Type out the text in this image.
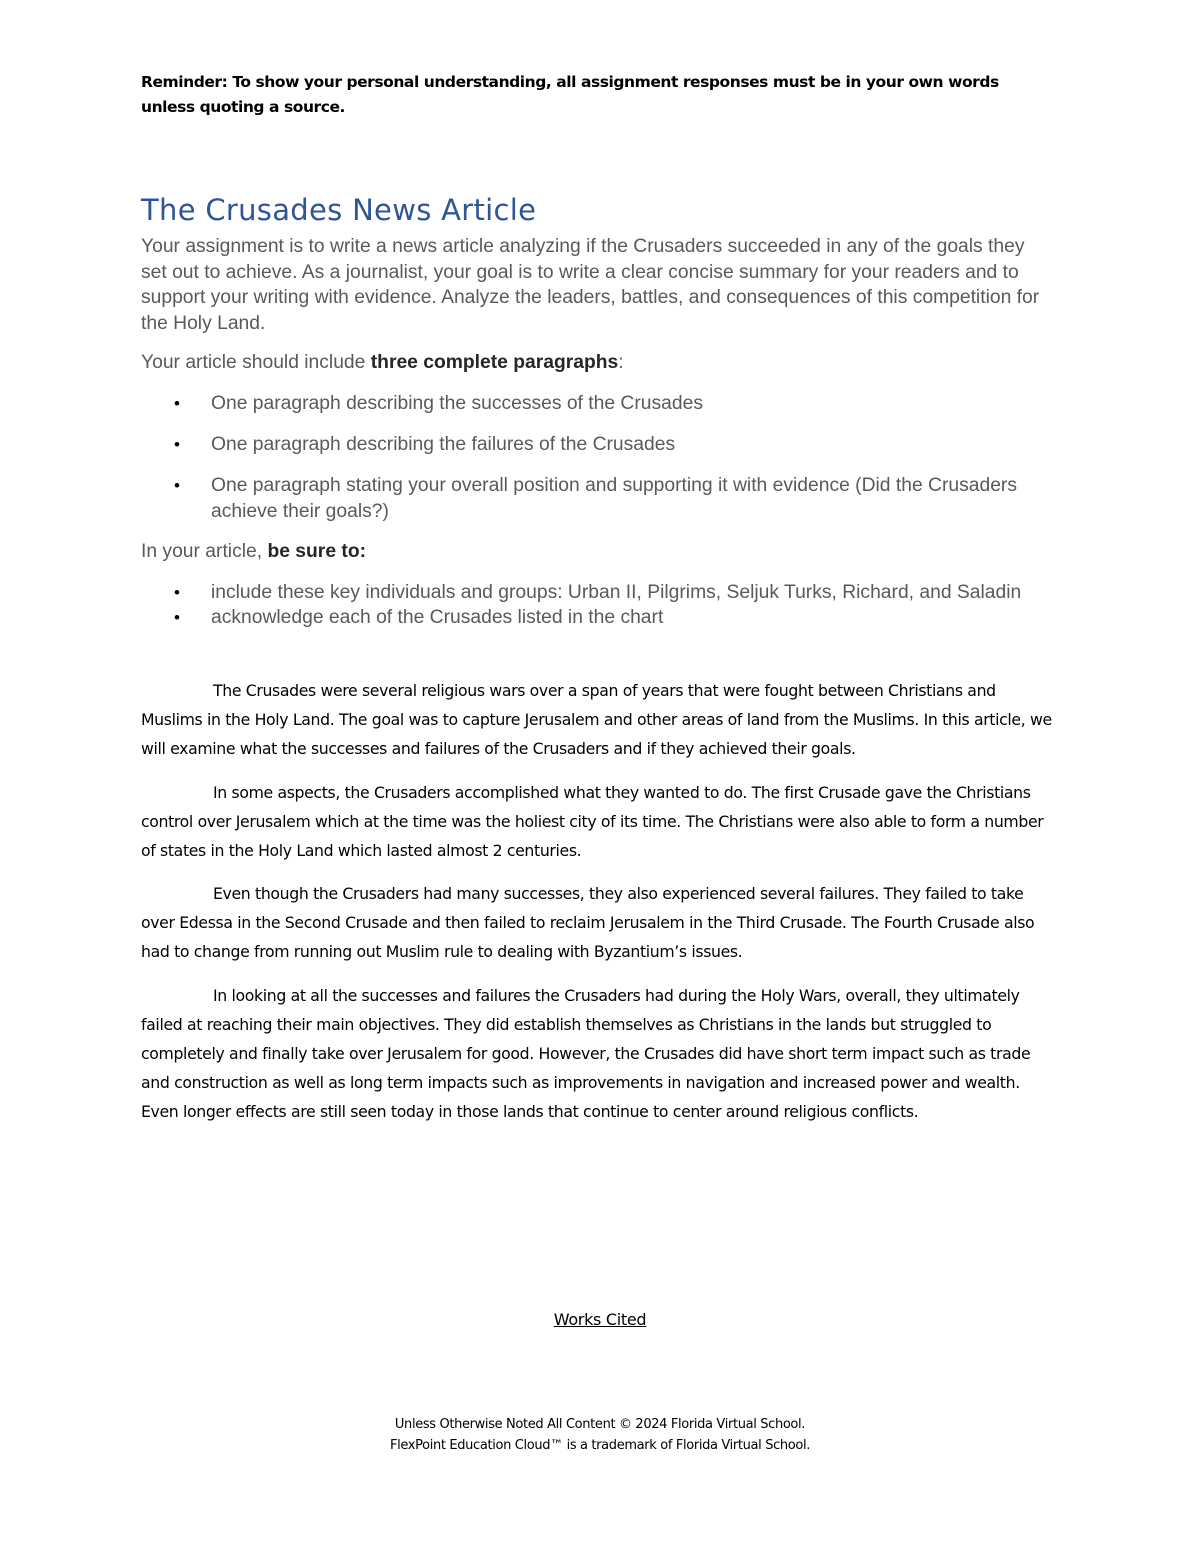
Reminder: To show your personal understanding, all assignment responses must be in your own words unless quoting a source.
The Crusades News Article

Your assignment is to write a news article analyzing if the Crusaders succeeded in any of the goals they set out to achieve. As a journalist, your goal is to write a clear concise summary for your readers and to support your writing with evidence. Analyze the leaders, battles, and consequences of this competition for the Holy Land.

Your article should include three complete paragraphs:

• One paragraph describing the successes of the Crusades
• One paragraph describing the failures of the Crusades
• One paragraph stating your overall position and supporting it with evidence (Did the Crusaders achieve their goals?)

In your article, be sure to:

• include these key individuals and groups: Urban II, Pilgrims, Seljuk Turks, Richard, and Saladin
• acknowledge each of the Crusades listed in the chart

The Crusades were several religious wars over a span of years that were fought between Christians and Muslims in the Holy Land. The goal was to capture Jerusalem and other areas of land from the Muslims. In this article, we will examine what the successes and failures of the Crusaders and if they achieved their goals.

In some aspects, the Crusaders accomplished what they wanted to do. The first Crusade gave the Christians control over Jerusalem which at the time was the holiest city of its time. The Christians were also able to form a number of states in the Holy Land which lasted almost 2 centuries.

Even though the Crusaders had many successes, they also experienced several failures. They failed to take over Edessa in the Second Crusade and then failed to reclaim Jerusalem in the Third Crusade. The Fourth Crusade also had to change from running out Muslim rule to dealing with Byzantium’s issues.

In looking at all the successes and failures the Crusaders had during the Holy Wars, overall, they ultimately failed at reaching their main objectives. They did establish themselves as Christians in the lands but struggled to completely and finally take over Jerusalem for good. However, the Crusades did have short term impact such as trade and construction as well as long term impacts such as improvements in navigation and increased power and wealth. Even longer effects are still seen today in those lands that continue to center around religious conflicts.

Works Cited
Unless Otherwise Noted All Content © 2024 Florida Virtual School.
FlexPoint Education Cloud™ is a trademark of Florida Virtual School.
